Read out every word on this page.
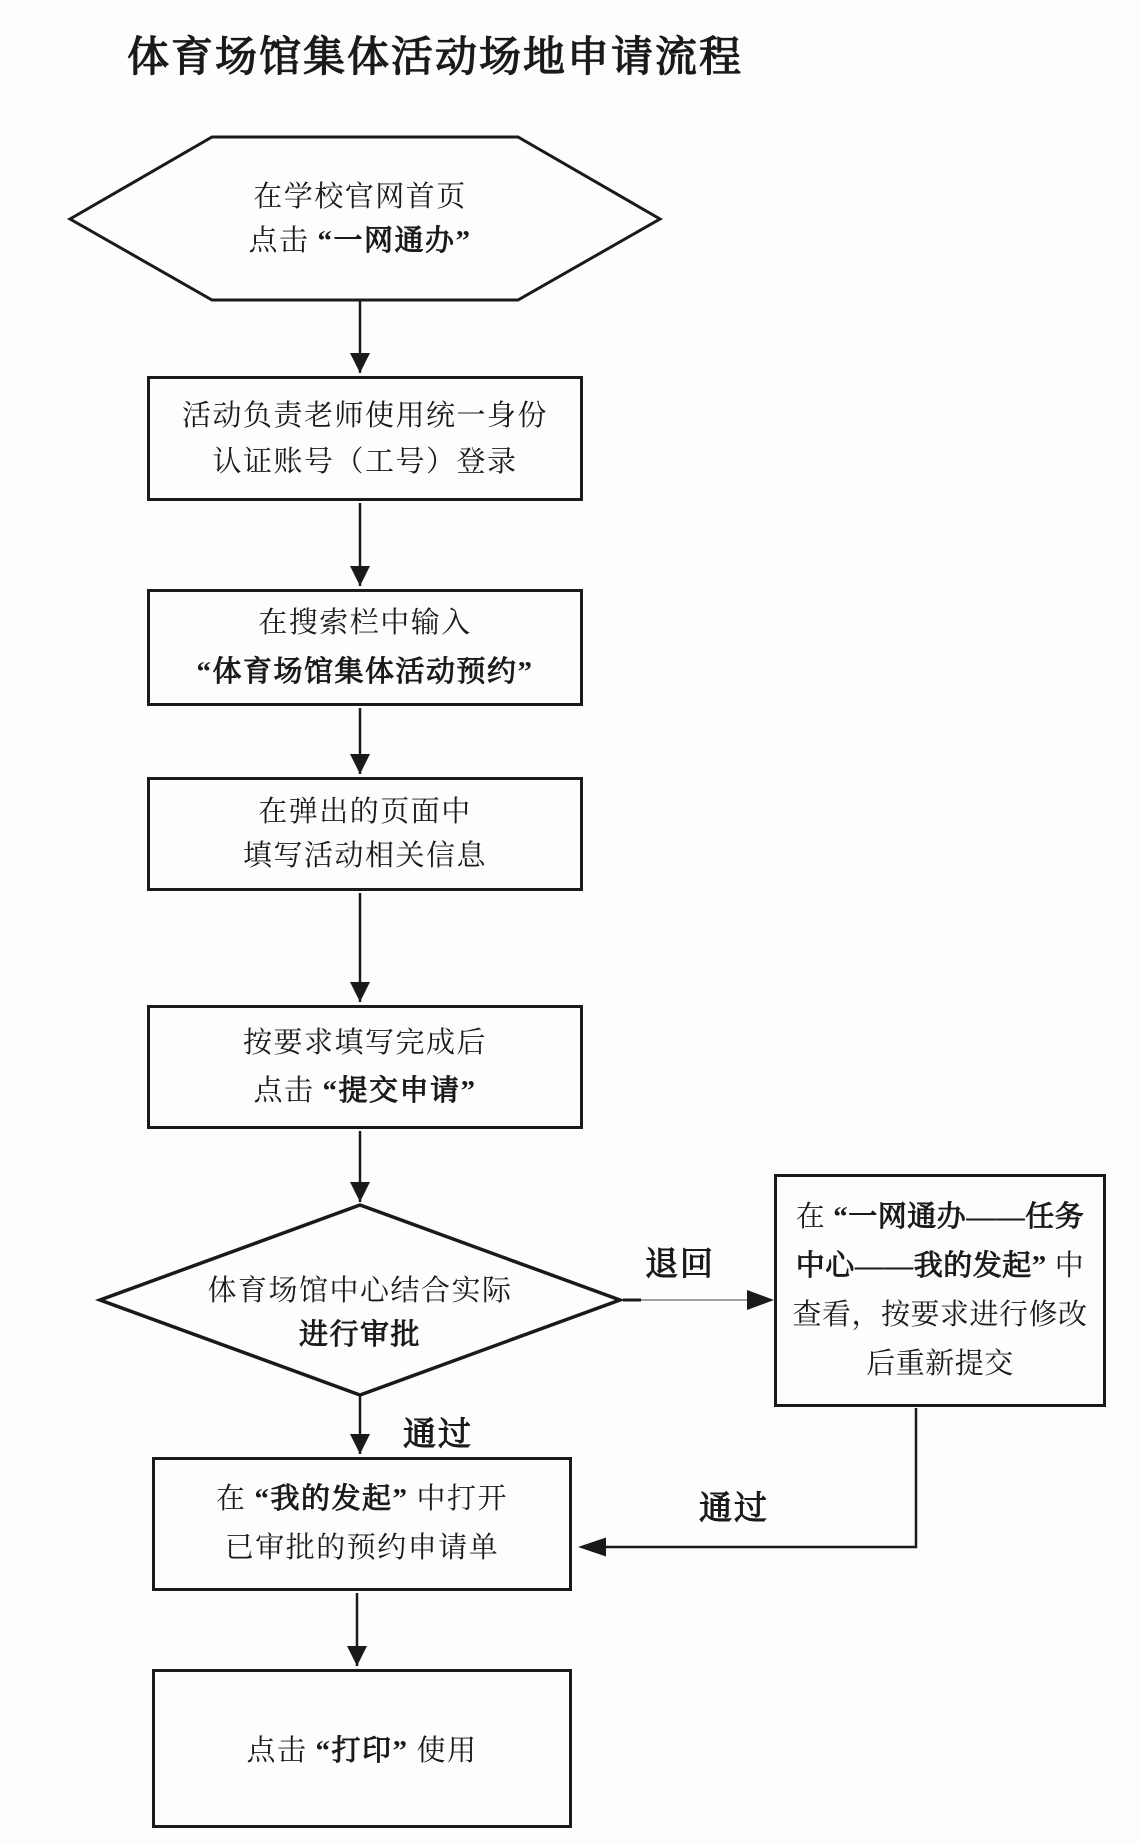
体育场馆集体活动场地申请流程
在学校官网首页
点击 “一网通办”
活动负责老师使用统一身份
认证账号（工号）登录
在搜索栏中输入
“体育场馆集体活动预约”
在弹出的页面中
填写活动相关信息
按要求填写完成后
点击 “提交申请”
体育场馆中心结合实际
进行审批
在 “一网通办——任务
中心——我的发起” 中
查看，按要求进行修改
后重新提交
在 “我的发起” 中打开
已审批的预约申请单
点击 “打印” 使用
退回
通过
通过
